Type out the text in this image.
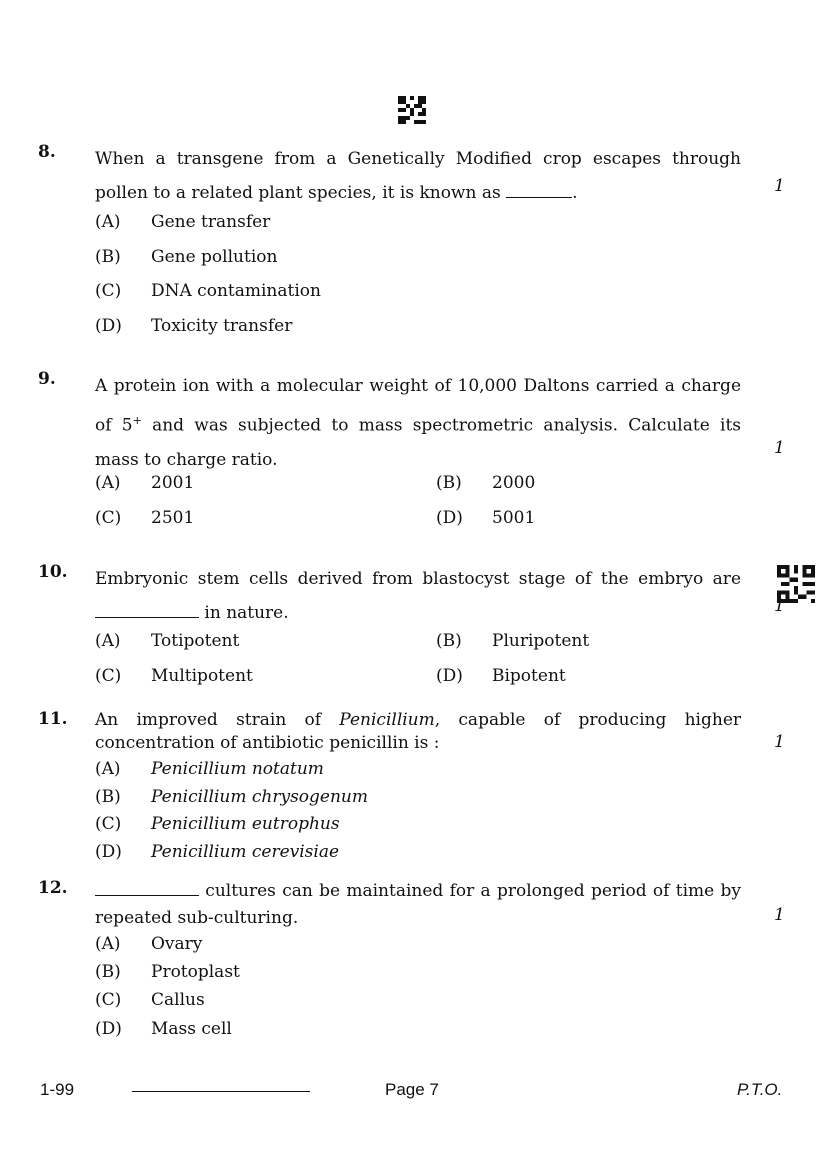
8. When a transgene from a Genetically Modified crop escapes through pollen to a related plant species, it is known as	.	1
(A) Gene transfer
(B) Gene pollution
(C) DNA contamination
(D) Toxicity transfer
9. A protein ion with a molecular weight of 10,000 Daltons carried a charge of 5+ and was subjected to mass spectrometric analysis. Calculate its mass to charge ratio.
1
(A) 2001	(B) 2000
(C) 2501	(D) 5001
10. Embryonic stem cells derived from blastocyst stage of the embryo are  in nature.	1
(A) Totipotent	(B) Pluripotent
(C) Multipotent	(D) Bipotent
11. An improved strain of Penicillium, capable of producing higher concentration of antibiotic penicillin is :	1
(A) Penicillium notatum
(B) Penicillium chrysogenum
(C) Penicillium eutrophus
(D) Penicillium cerevisiae
12.	cultures can be maintained for a prolonged period of time by repeated sub-culturing.	1
(A) Ovary
(B) Protoplast
(C) Callus
(D) Mass cell
1-99	Page 7	P.T.O.
